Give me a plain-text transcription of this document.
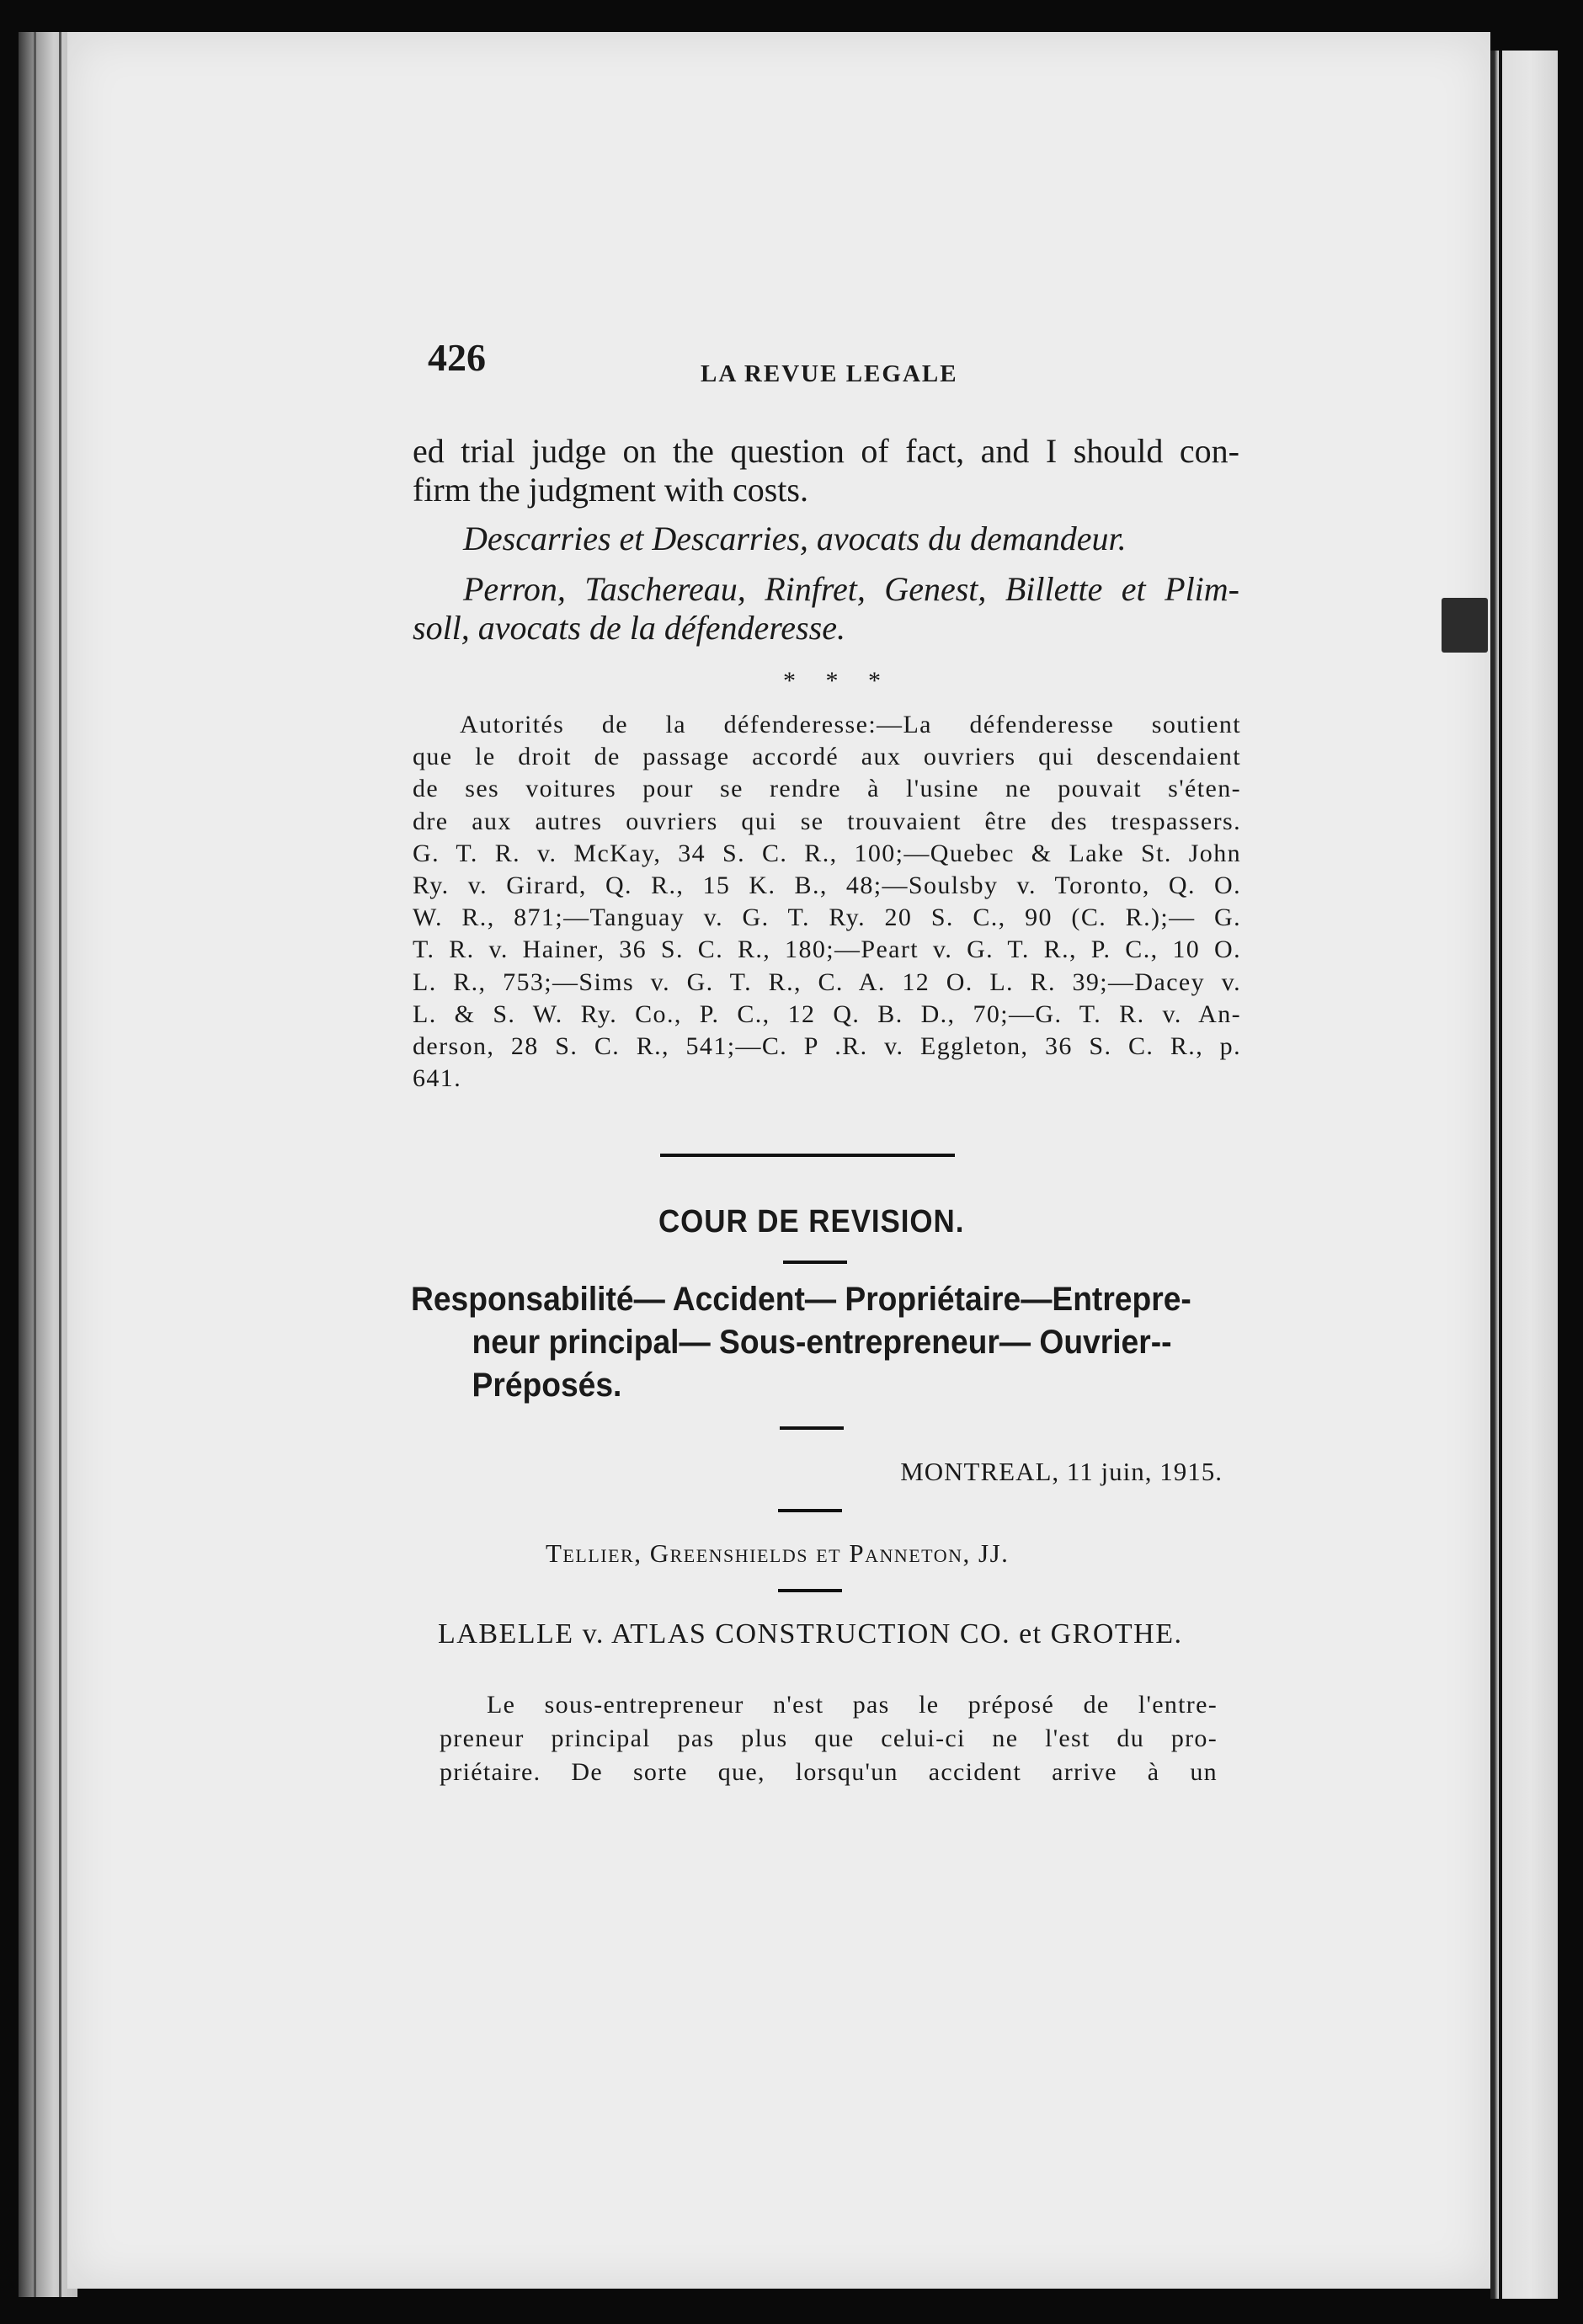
426	LA REVUE LEGALE
ed trial judge on the question of fact, and I should con-
firm the judgment with costs.
Descarries et Descarries, avocats du demandeur.
Perron, Taschereau, Rinfret, Genest, Billette et Plim-
soll, avocats de la défenderesse.
* * *
Autorités de la défenderesse:—La défenderesse soutient
que le droit de passage accordé aux ouvriers qui descendaient
de ses voitures pour se rendre à l'usine ne pouvait s'éten-
dre aux autres ouvriers qui se trouvaient être des trespassers.
G. T. R. v. McKay, 34 S. C. R., 100;—Quebec & Lake St. John
Ry. v. Girard, Q. R., 15 K. B., 48;—Soulsby v. Toronto, Q. O.
W. R., 871;—Tanguay v. G. T. Ry. 20 S. C., 90 (C. R.);— G.
T. R. v. Hainer, 36 S. C. R., 180;—Peart v. G. T. R., P. C., 10 O.
L. R., 753;—Sims v. G. T. R., C. A. 12 O. L. R. 39;—Dacey v.
L. & S. W. Ry. Co., P. C., 12 Q. B. D., 70;—G. T. R. v. An-
derson, 28 S. C. R., 541;—C. P .R. v. Eggleton, 36 S. C. R., p.
641.
COUR DE REVISION.
Responsabilité— Accident— Propriétaire—Entrepre-
neur principal— Sous-entrepreneur— Ouvrier--
Préposés.
MONTREAL, 11 juin, 1915.
Tellier, Greenshields et Panneton, JJ.
LABELLE v. ATLAS CONSTRUCTION CO. et GROTHE.
Le sous-entrepreneur n'est pas le préposé de l'entre-
preneur principal pas plus que celui-ci ne l'est du pro-
priétaire. De sorte que, lorsqu'un accident arrive à un
